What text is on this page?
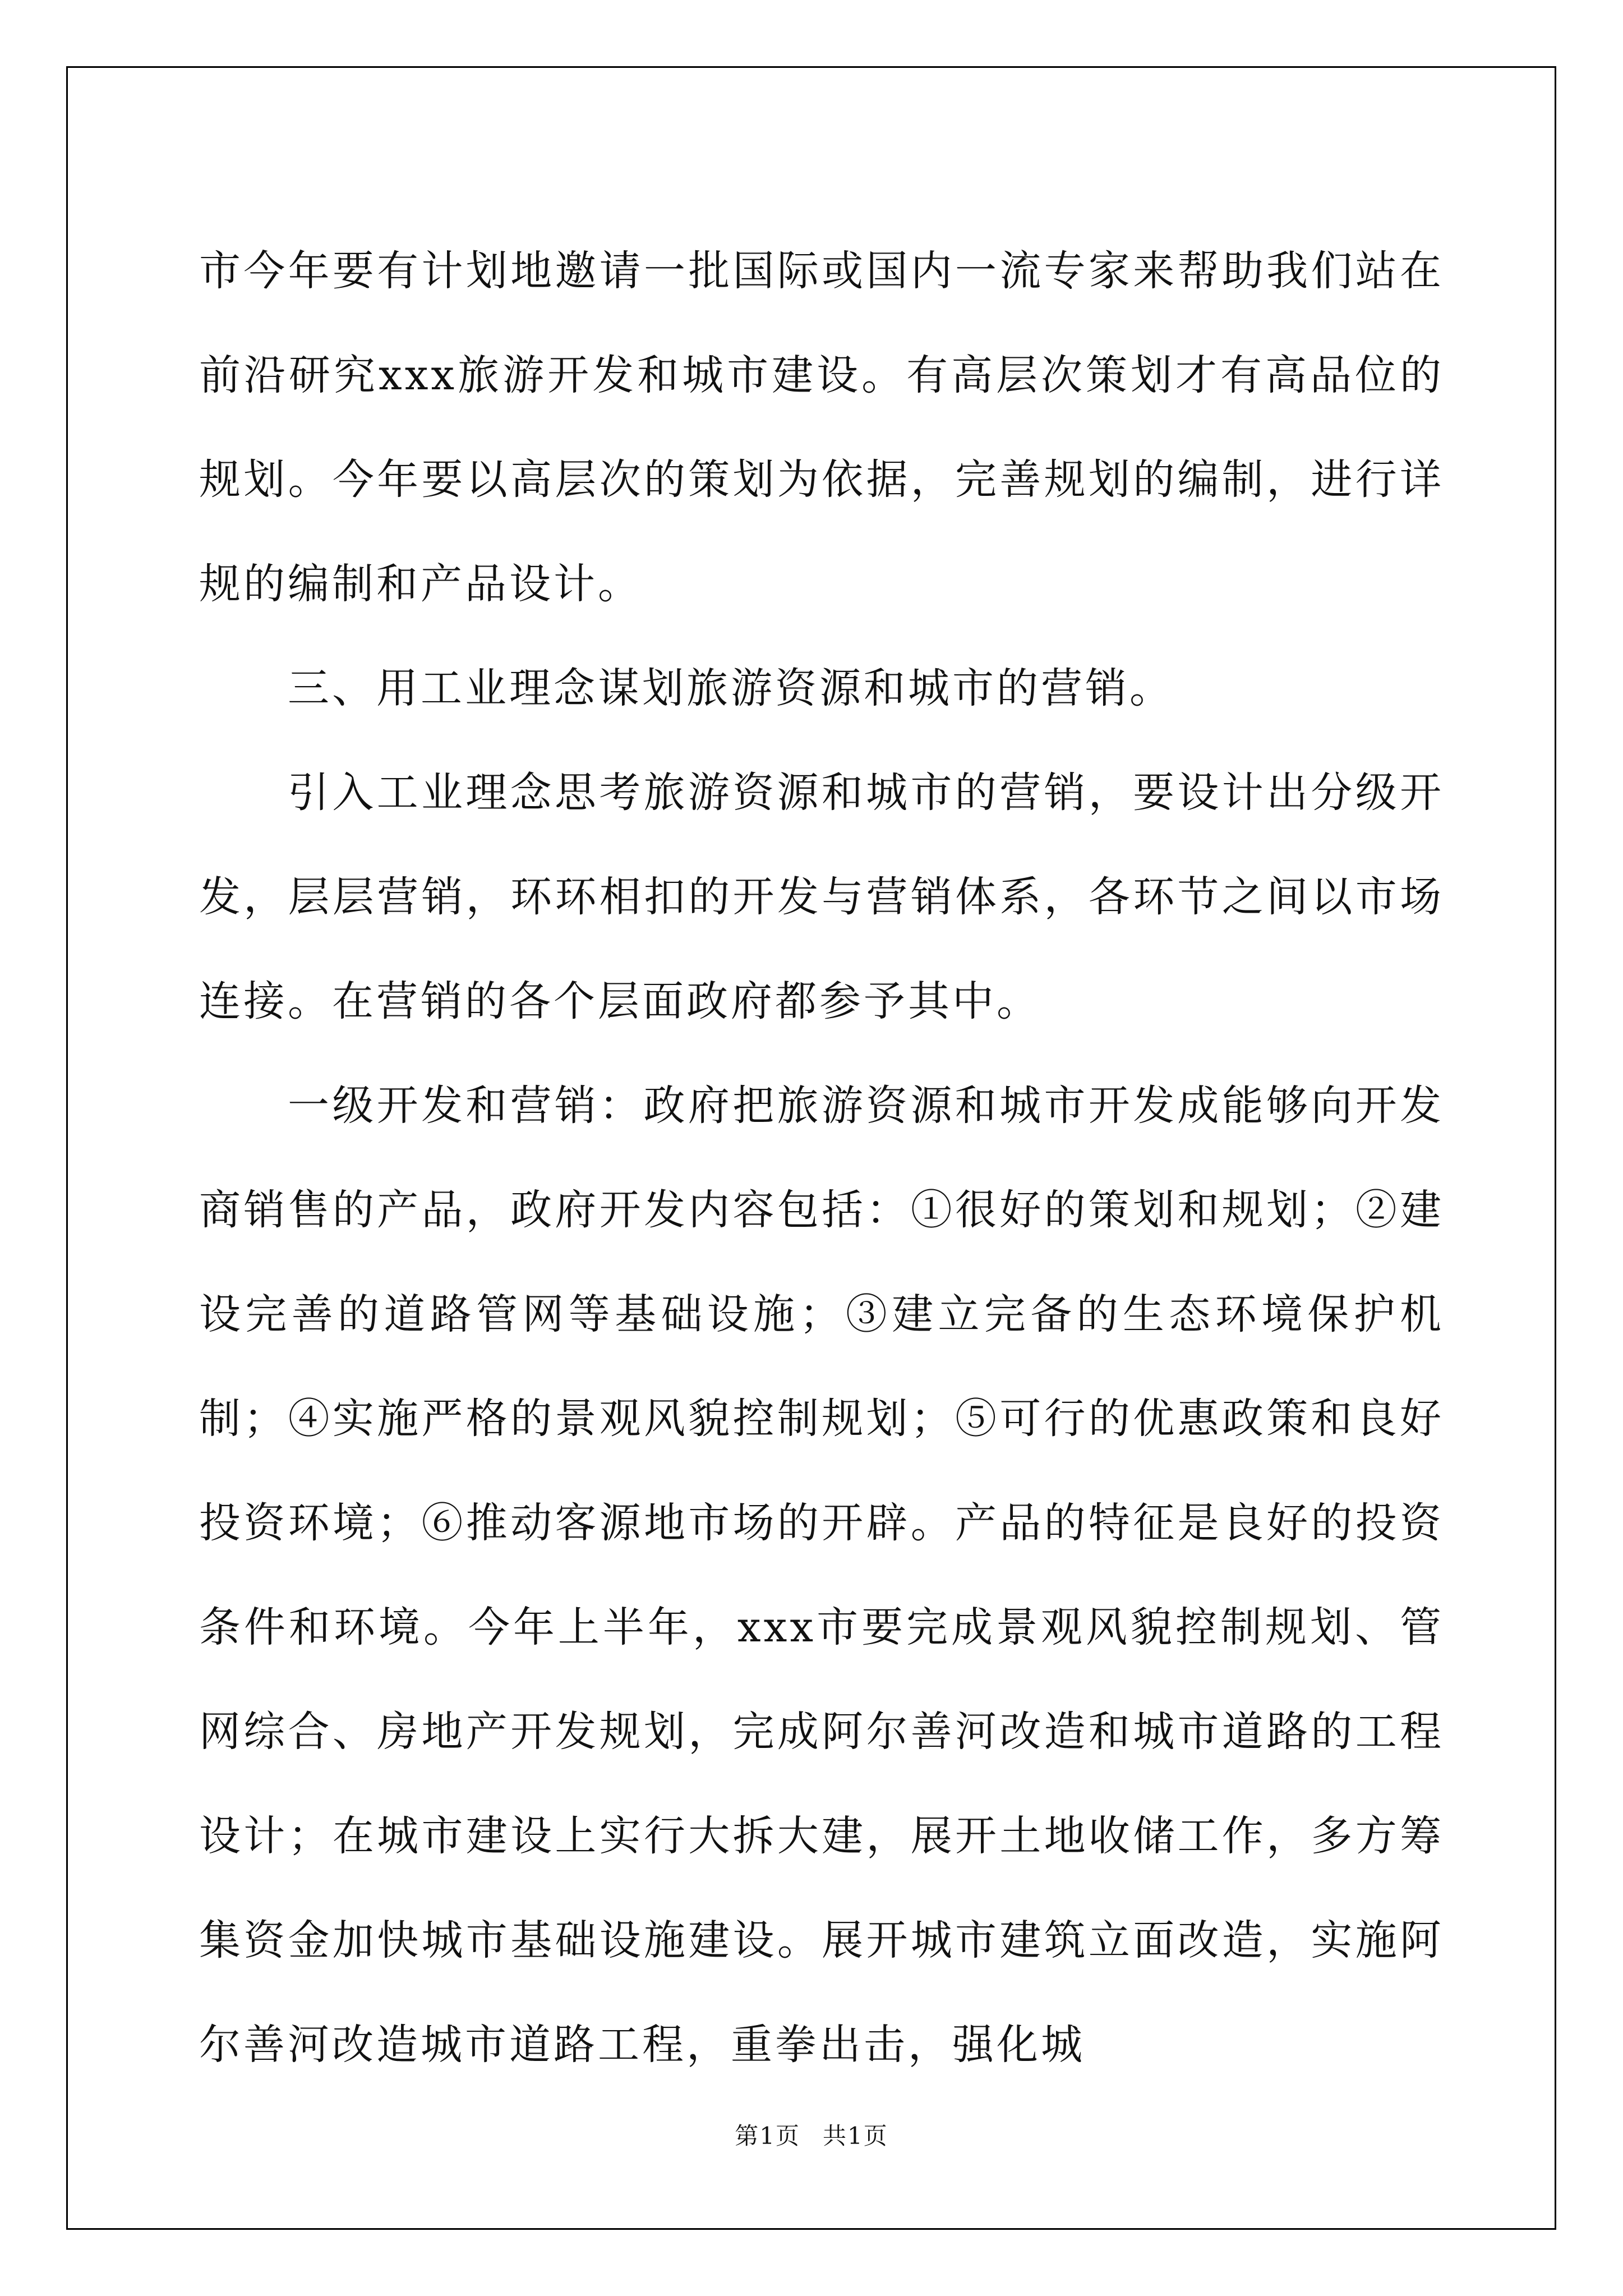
市今年要有计划地邀请一批国际或国内一流专家来帮助我们站在前沿研究xxx旅游开发和城市建设。有高层次策划才有高品位的规划。今年要以高层次的策划为依据，完善规划的编制，进行详规的编制和产品设计。

三、用工业理念谋划旅游资源和城市的营销。

引入工业理念思考旅游资源和城市的营销，要设计出分级开发，层层营销，环环相扣的开发与营销体系，各环节之间以市场连接。在营销的各个层面政府都参予其中。

一级开发和营销：政府把旅游资源和城市开发成能够向开发商销售的产品，政府开发内容包括：①很好的策划和规划；②建设完善的道路管网等基础设施；③建立完备的生态环境保护机制；④实施严格的景观风貌控制规划；⑤可行的优惠政策和良好投资环境；⑥推动客源地市场的开辟。产品的特征是良好的投资条件和环境。今年上半年，xxx市要完成景观风貌控制规划、管网综合、房地产开发规划，完成阿尔善河改造和城市道路的工程设计；在城市建设上实行大拆大建，展开土地收储工作，多方筹集资金加快城市基础设施建设。展开城市建筑立面改造，实施阿尔善河改造城市道路工程，重拳出击，强化城

第1页 共1页
